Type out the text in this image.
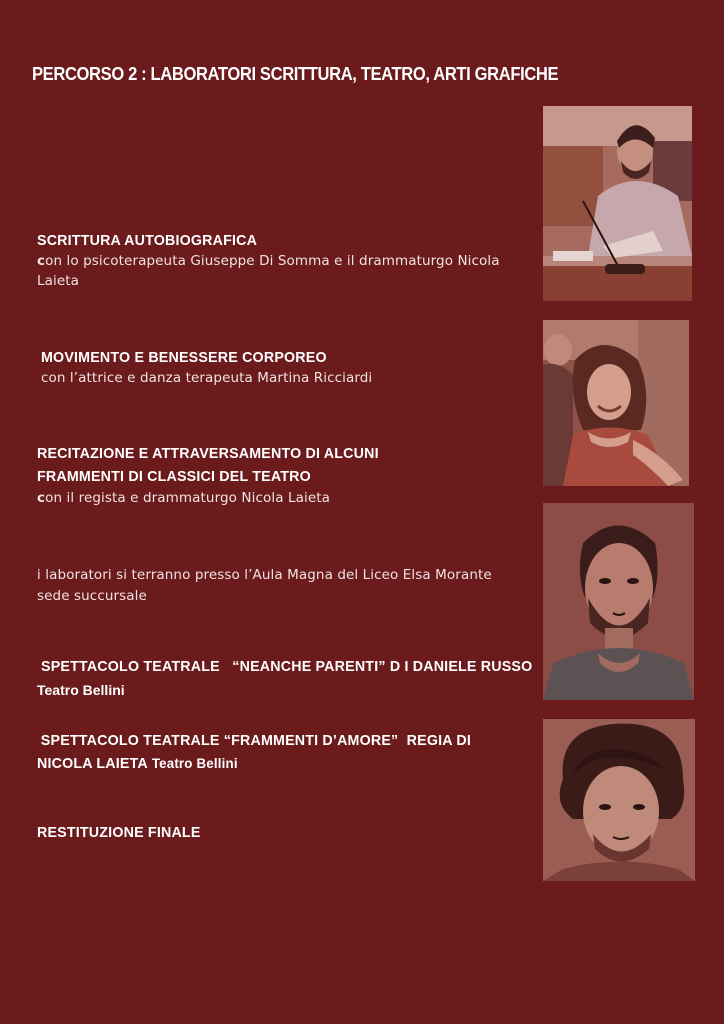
PERCORSO 2 : LABORATORI SCRITTURA, TEATRO, ARTI GRAFICHE
SCRITTURA AUTOBIOGRAFICA
con lo psicoterapeuta Giuseppe Di Somma e il drammaturgo Nicola Laieta
MOVIMENTO E BENESSERE CORPOREO
con l’attrice e danza terapeuta Martina Ricciardi
RECITAZIONE E ATTRAVERSAMENTO DI ALCUNI FRAMMENTI DI CLASSICI DEL TEATRO
con il regista e drammaturgo Nicola Laieta
i laboratori si terranno presso l’Aula Magna del Liceo Elsa Morante sede succursale
SPETTACOLO TEATRALE   “NEANCHE PARENTI” D I DANIELE RUSSO
Teatro Bellini
SPETTACOLO TEATRALE “FRAMMENTI D’AMORE”  REGIA DI NICOLA LAIETA Teatro Bellini
RESTITUZIONE FINALE
